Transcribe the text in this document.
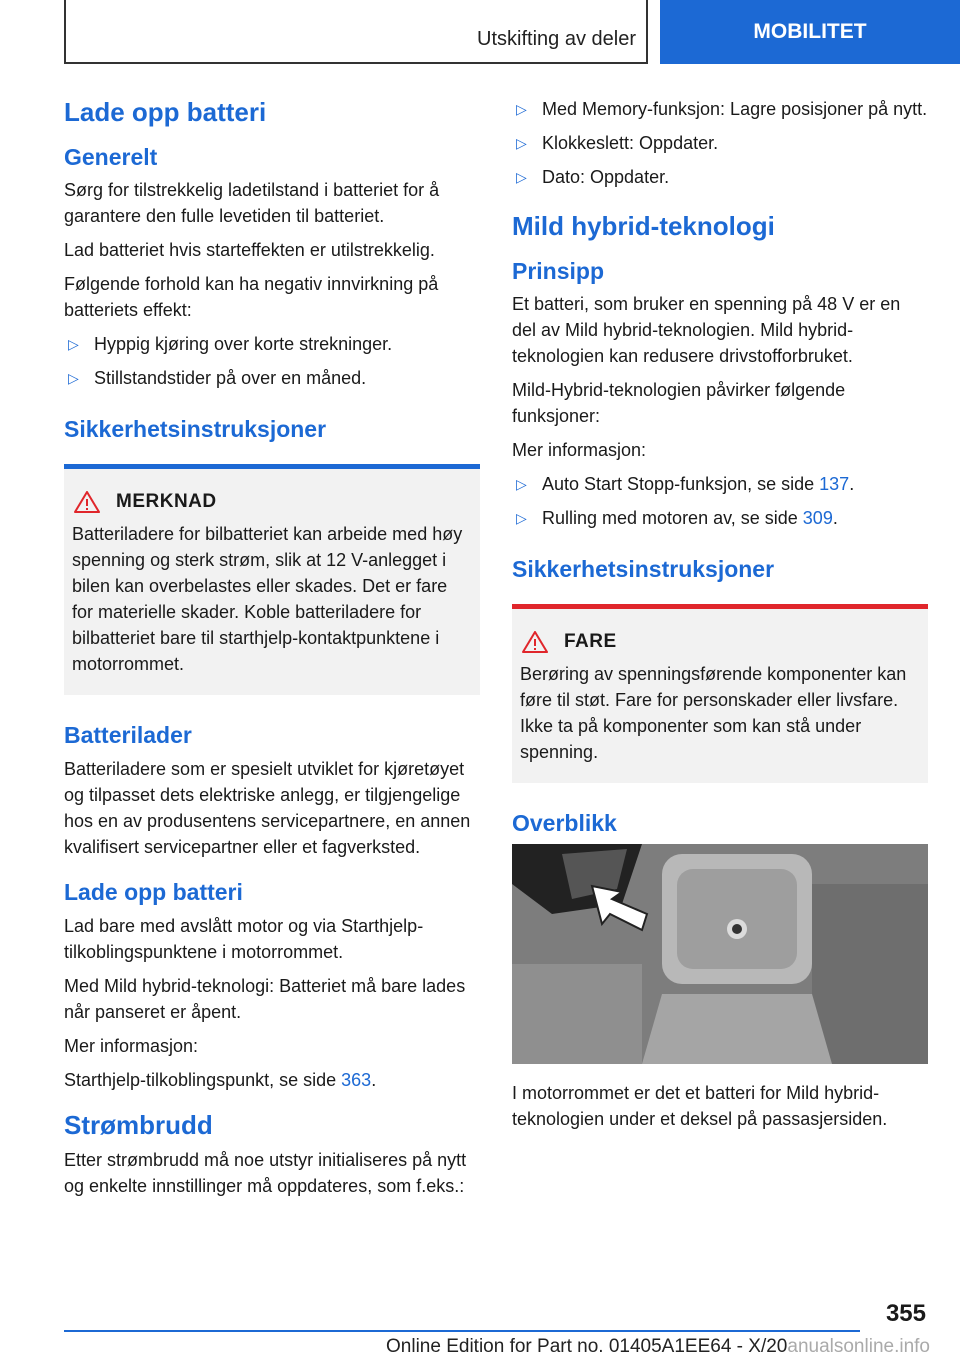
Utskifting av deler	MOBILITET
Lade opp batteri
Generelt

Sørg for tilstrekkelig ladetilstand i batteriet for å garantere den fulle levetiden til batteriet.

Lad batteriet hvis starteffekten er utilstrekkelig.

Følgende forhold kan ha negativ innvirkning på batteriets effekt:

▷ Hyppig kjøring over korte strekninger.
▷ Stillstandstider på over en måned.
Sikkerhetsinstruksjoner
MERKNAD

Batteriladere for bilbatteriet kan arbeide med høy spenning og sterk strøm, slik at 12 V-anlegget i bilen kan overbelastes eller skades. Det er fare for materielle skader. Koble batteriladere for bilbatteriet bare til starthjelp-kontaktpunktene i motorrommet.

Batterilader

Batteriladere som er spesielt utviklet for kjøretøyet og tilpasset dets elektriske anlegg, er tilgjengelige hos en av produsentens servicepartnere, en annen kvalifisert servicepartner eller et fagverksted.

Lade opp batteri

Lad bare med avslått motor og via Starthjelp-tilkoblingspunktene i motorrommet.

Med Mild hybrid-teknologi: Batteriet må bare lades når panseret er åpent.

Mer informasjon:

Starthjelp-tilkoblingspunkt, se side 363.

Strømbrudd

Etter strømbrudd må noe utstyr initialiseres på nytt og enkelte innstillinger må oppdateres, som f.eks.:

▷ Med Memory-funksjon: Lagre posisjoner på nytt.
▷ Klokkeslett: Oppdater.
▷ Dato: Oppdater.
Mild hybrid-teknologi
Prinsipp

Et batteri, som bruker en spenning på 48 V er en del av Mild hybrid-teknologien. Mild hybrid-teknologien kan redusere drivstofforbruket.

Mild-Hybrid-teknologien påvirker følgende funksjoner:

Mer informasjon:

▷ Auto Start Stopp-funksjon, se side 137.
▷ Rulling med motoren av, se side 309.
Sikkerhetsinstruksjoner
FARE

Berøring av spenningsførende komponenter kan føre til støt. Fare for personskader eller livsfare. Ikke ta på komponenter som kan stå under spenning.

Overblikk

I motorrommet er det et batteri for Mild hybrid-teknologien under et deksel på passasjersiden.

355
Online Edition for Part no. 01405A1EE64 - X/20anualsonline.info
